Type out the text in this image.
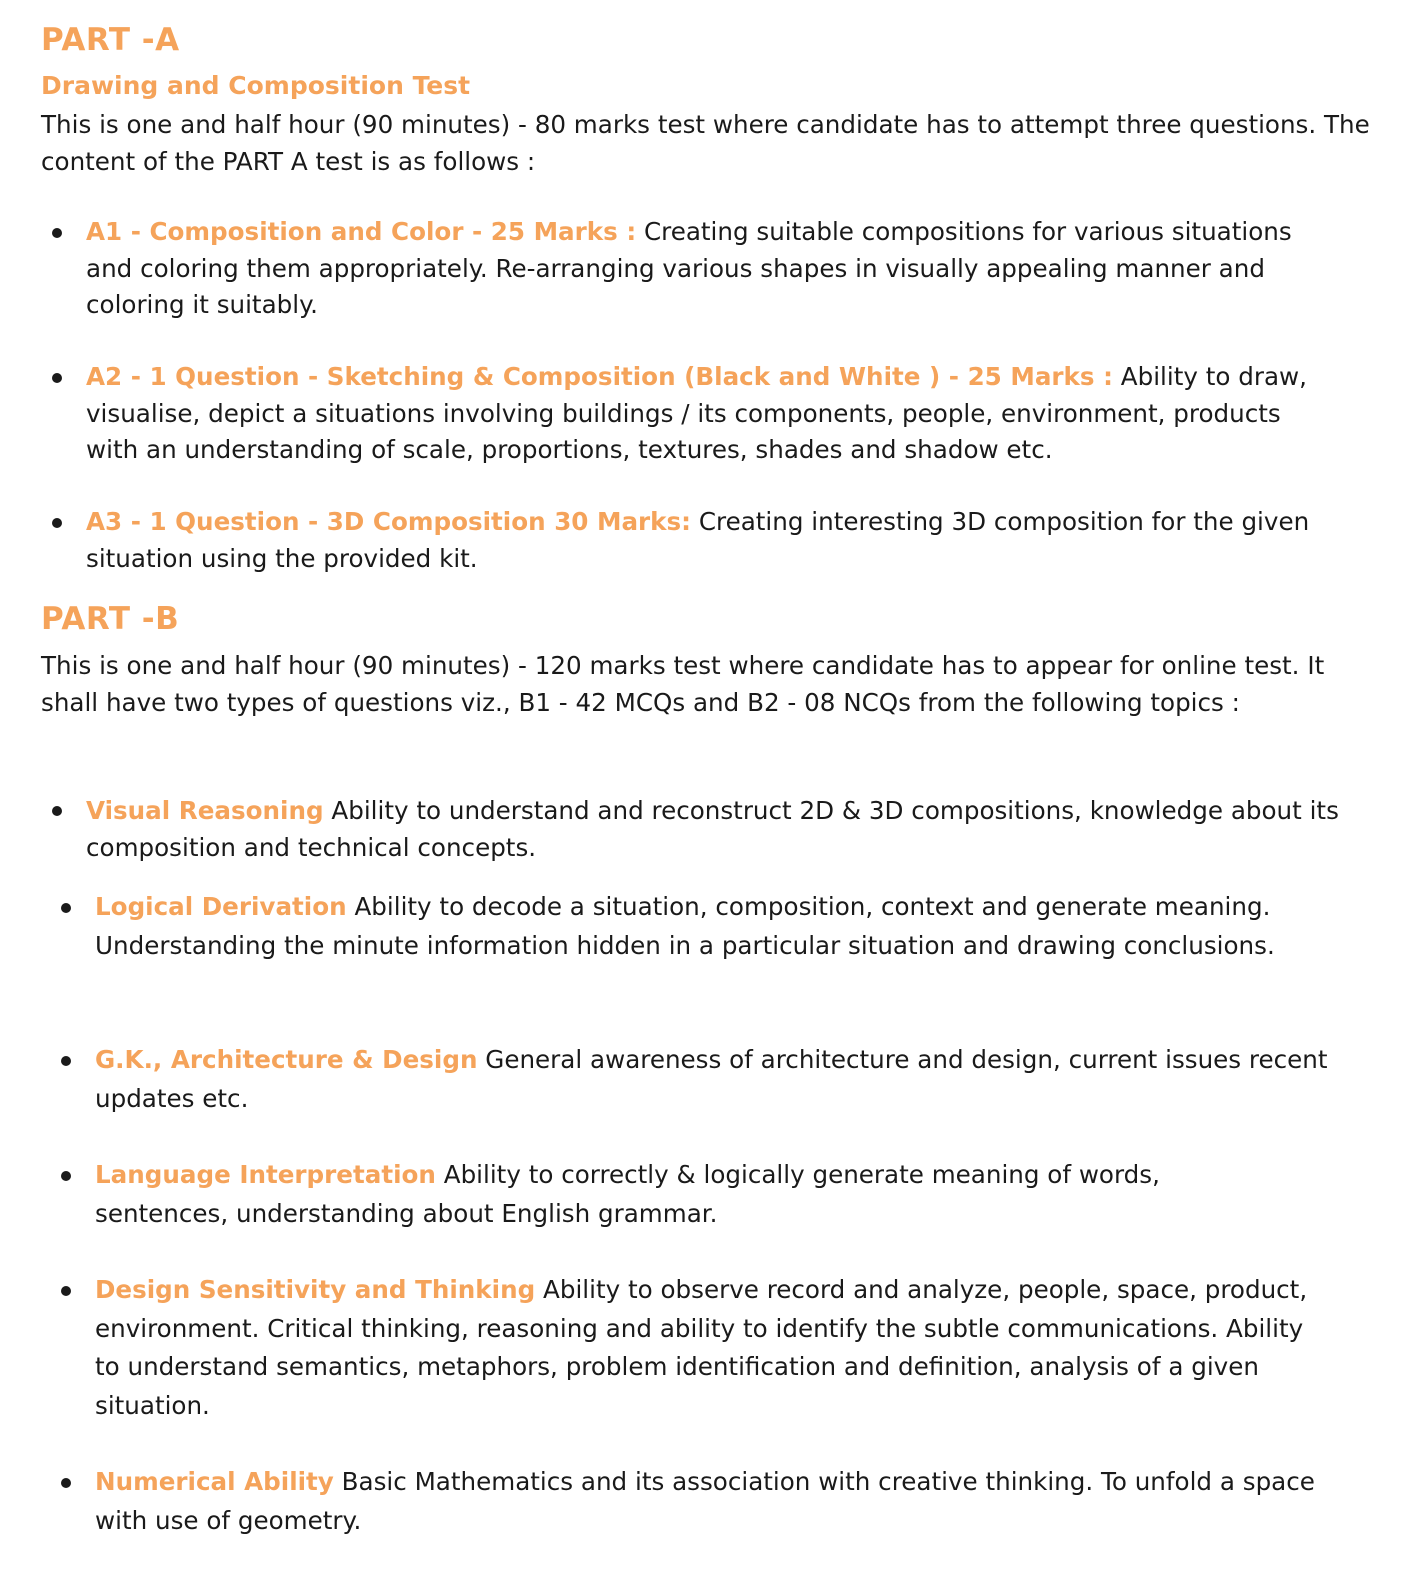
PART -A
Drawing and Composition Test

This is one and half hour (90 minutes) - 80 marks test where candidate has to attempt three questions. The content of the PART A test is as follows :

A1 - Composition and Color - 25 Marks : Creating suitable compositions for various situations and coloring them appropriately. Re-arranging various shapes in visually appealing manner and coloring it suitably.

A2 - 1 Question - Sketching & Composition (Black and White ) - 25 Marks : Ability to draw, visualise, depict a situations involving buildings / its components, people, environment, products with an understanding of scale, proportions, textures, shades and shadow etc.

A3 - 1 Question - 3D Composition 30 Marks: Creating interesting 3D composition for the given situation using the provided kit.

PART -B

This is one and half hour (90 minutes) - 120 marks test where candidate has to appear for online test. It shall have two types of questions viz., B1 - 42 MCQs and B2 - 08 NCQs from the following topics :

Visual Reasoning Ability to understand and reconstruct 2D & 3D compositions, knowledge about its composition and technical concepts.

Logical Derivation Ability to decode a situation, composition, context and generate meaning. Understanding the minute information hidden in a particular situation and drawing conclusions.

G.K., Architecture & Design General awareness of architecture and design, current issues recent updates etc.

Language Interpretation Ability to correctly & logically generate meaning of words, sentences, understanding about English grammar.

Design Sensitivity and Thinking Ability to observe record and analyze, people, space, product, environment. Critical thinking, reasoning and ability to identify the subtle communications. Ability to understand semantics, metaphors, problem identification and definition, analysis of a given situation.

Numerical Ability Basic Mathematics and its association with creative thinking. To unfold a space with use of geometry.
